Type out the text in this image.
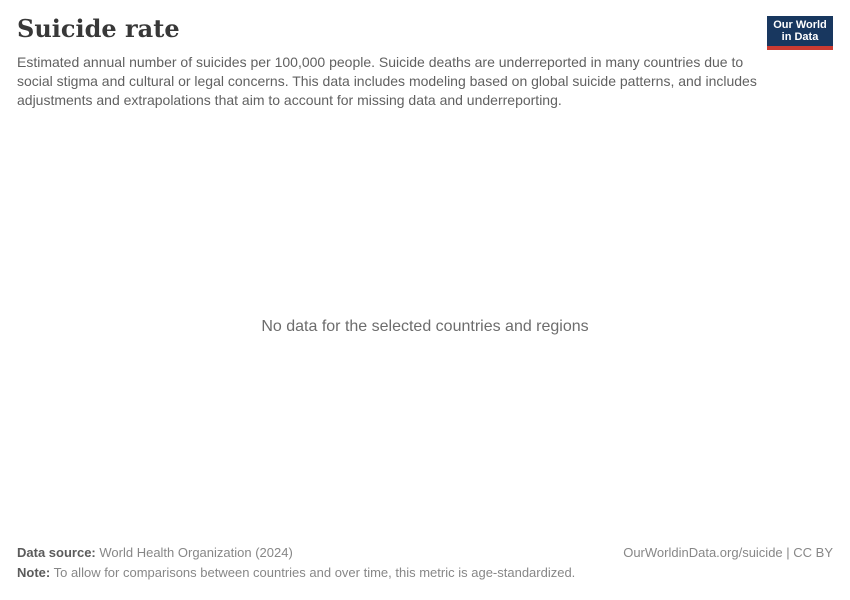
Suicide rate

Estimated annual number of suicides per 100,000 people. Suicide deaths are underreported in many countries due to social stigma and cultural or legal concerns. This data includes modeling based on global suicide patterns, and includes adjustments and extrapolations that aim to account for missing data and underreporting.

Our World
in Data
No data for the selected countries and regions
Data source: World Health Organization (2024)
Note: To allow for comparisons between countries and over time, this metric is age-standardized.
OurWorldinData.org/suicide | CC BY
